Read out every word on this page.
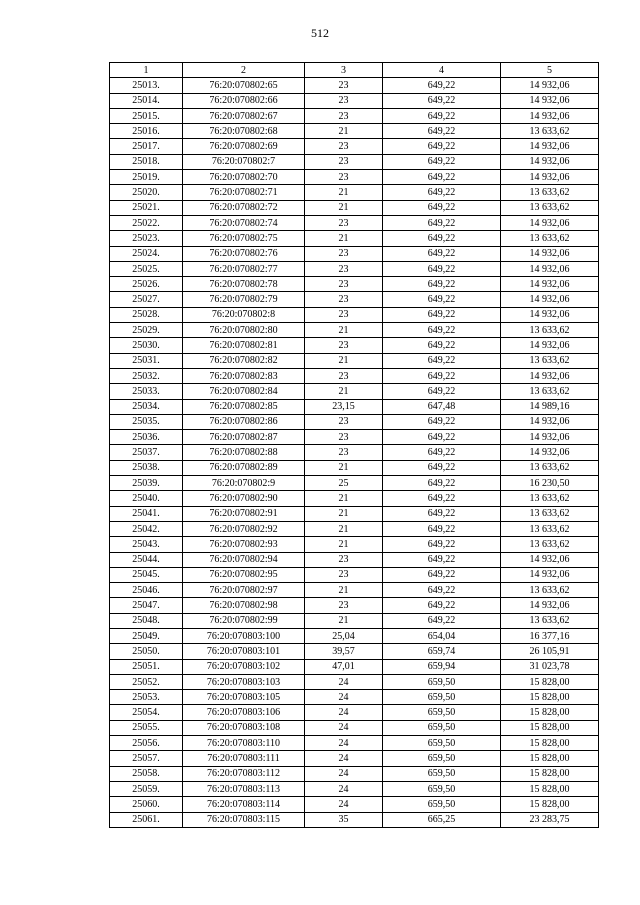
512
1	2	3	4	5
25013.	76:20:070802:65	23	649,22	14 932,06
25014.	76:20:070802:66	23	649,22	14 932,06
25015.	76:20:070802:67	23	649,22	14 932,06
25016.	76:20:070802:68	21	649,22	13 633,62
25017.	76:20:070802:69	23	649,22	14 932,06
25018.	76:20:070802:7	23	649,22	14 932,06
25019.	76:20:070802:70	23	649,22	14 932,06
25020.	76:20:070802:71	21	649,22	13 633,62
25021.	76:20:070802:72	21	649,22	13 633,62
25022.	76:20:070802:74	23	649,22	14 932,06
25023.	76:20:070802:75	21	649,22	13 633,62
25024.	76:20:070802:76	23	649,22	14 932,06
25025.	76:20:070802:77	23	649,22	14 932,06
25026.	76:20:070802:78	23	649,22	14 932,06
25027.	76:20:070802:79	23	649,22	14 932,06
25028.	76:20:070802:8	23	649,22	14 932,06
25029.	76:20:070802:80	21	649,22	13 633,62
25030.	76:20:070802:81	23	649,22	14 932,06
25031.	76:20:070802:82	21	649,22	13 633,62
25032.	76:20:070802:83	23	649,22	14 932,06
25033.	76:20:070802:84	21	649,22	13 633,62
25034.	76:20:070802:85	23,15	647,48	14 989,16
25035.	76:20:070802:86	23	649,22	14 932,06
25036.	76:20:070802:87	23	649,22	14 932,06
25037.	76:20:070802:88	23	649,22	14 932,06
25038.	76:20:070802:89	21	649,22	13 633,62
25039.	76:20:070802:9	25	649,22	16 230,50
25040.	76:20:070802:90	21	649,22	13 633,62
25041.	76:20:070802:91	21	649,22	13 633,62
25042.	76:20:070802:92	21	649,22	13 633,62
25043.	76:20:070802:93	21	649,22	13 633,62
25044.	76:20:070802:94	23	649,22	14 932,06
25045.	76:20:070802:95	23	649,22	14 932,06
25046.	76:20:070802:97	21	649,22	13 633,62
25047.	76:20:070802:98	23	649,22	14 932,06
25048.	76:20:070802:99	21	649,22	13 633,62
25049.	76:20:070803:100	25,04	654,04	16 377,16
25050.	76:20:070803:101	39,57	659,74	26 105,91
25051.	76:20:070803:102	47,01	659,94	31 023,78
25052.	76:20:070803:103	24	659,50	15 828,00
25053.	76:20:070803:105	24	659,50	15 828,00
25054.	76:20:070803:106	24	659,50	15 828,00
25055.	76:20:070803:108	24	659,50	15 828,00
25056.	76:20:070803:110	24	659,50	15 828,00
25057.	76:20:070803:111	24	659,50	15 828,00
25058.	76:20:070803:112	24	659,50	15 828,00
25059.	76:20:070803:113	24	659,50	15 828,00
25060.	76:20:070803:114	24	659,50	15 828,00
25061.	76:20:070803:115	35	665,25	23 283,75
